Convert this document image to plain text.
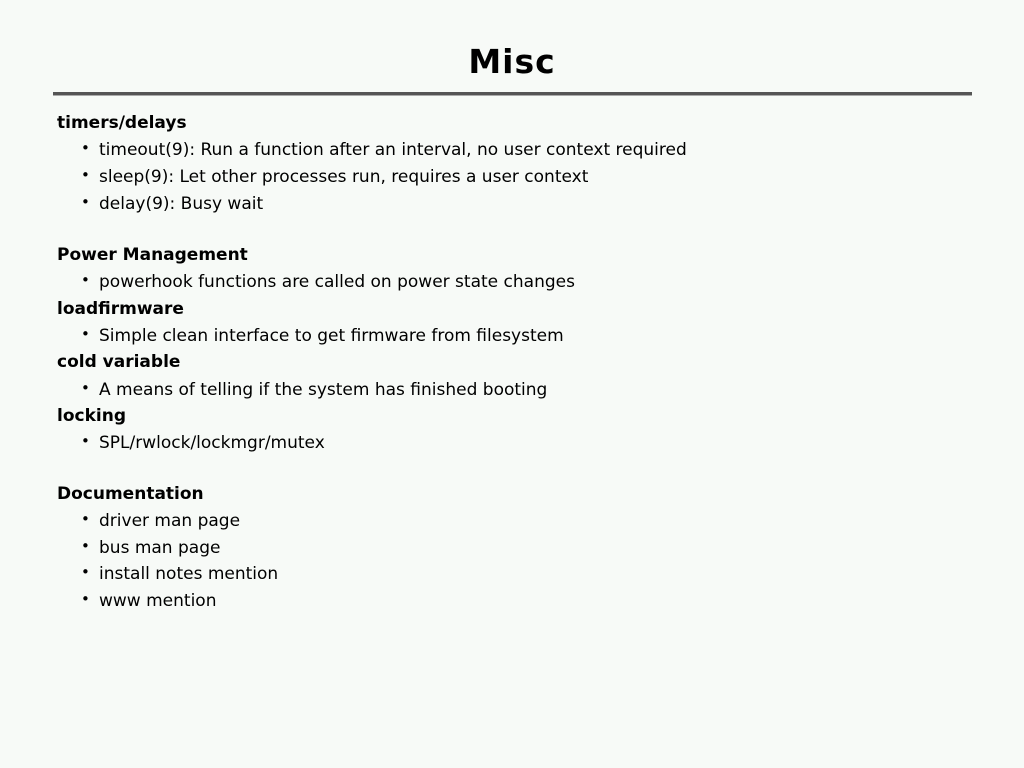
Misc
timers/delays
• timeout(9): Run a function after an interval, no user context required
• sleep(9): Let other processes run, requires a user context
• delay(9): Busy wait
Power Management
• powerhook functions are called on power state changes
loadfirmware
• Simple clean interface to get firmware from filesystem
cold variable
• A means of telling if the system has finished booting
locking
• SPL/rwlock/lockmgr/mutex
Documentation
• driver man page
• bus man page
• install notes mention
• www mention
